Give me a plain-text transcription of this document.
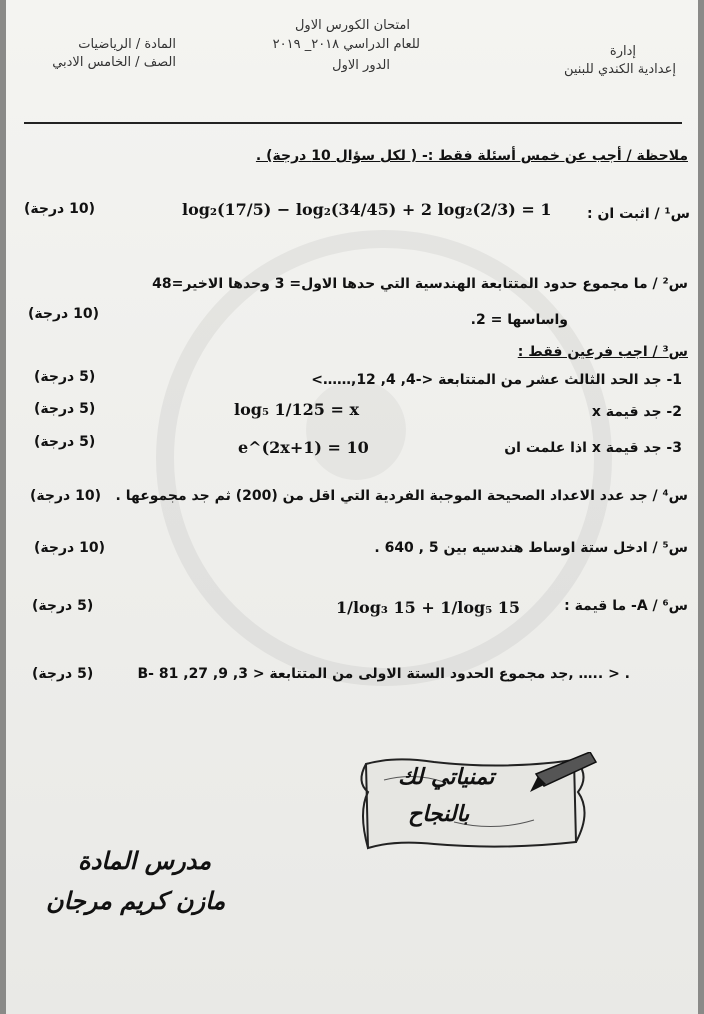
إدارة
إعدادية الكندي للبنين
امتحان الكورس الاول
للعام الدراسي ٢٠١٨_ ٢٠١٩
الدور الاول
المادة / الرياضيات
الصف / الخامس الادبي
ملاحظة / أجب عن خمس أسئلة فقط :- ( لكل سؤال 10 درجة) .
س¹ / اثبت ان :
log₂(17/5) − log₂(34/45) + 2 log₂(2/3) = 1
(10 درجة)
س² / ما مجموع حدود المتتابعة الهندسية التي حدها الاول= 3 وحدها الاخير=48
واساسها = 2.
(10 درجة)
س³ / اجب فرعين فقط :
1- جد الحد الثالث عشر من المتتابعة <-4, 4, 12,……>
(5 درجة)
2- جد قيمة x
log₅ 1/125 = x
(5 درجة)
3- جد قيمة x اذا علمت ان
e^(2x+1) = 10
(5 درجة)
س⁴ / جد عدد الاعداد الصحيحة الموجبة الفردية التي اقل من (200) ثم جد مجموعها .
(10 درجة)
س⁵ / ادخل ستة اوساط هندسيه بين 5 , 640 .
(10 درجة)
س⁶ / A- ما قيمة :
1/log₃ 15 + 1/log₅ 15
(5 درجة)
B- جد مجموع الحدود الستة الاولى من المتتابعة < 3, 9, 27, 81, ….. > .
(5 درجة)
تمنياتي لك
بالنجاح
مدرس المادة
مازن كريم مرجان
